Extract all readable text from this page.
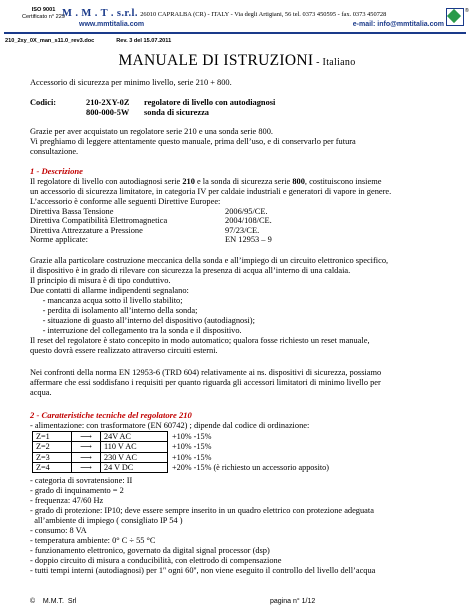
ISO 9001
Certificato n° 229
M . M . T . s.r.l. 26010 CAPRALBA (CR) - ITALY - Via degli Artigiani, 56 tel. 0373 450595 - fax. 0373 450728
www.mmtitalia.com	e-mail: info@mmtitalia.com
®
210_2xy_0X_man_s11.0_rev3.doc	Rev. 3 del 15.07.2011
MANUALE DI ISTRUZIONI - Italiano
Accessorio di sicurezza per minimo livello, serie 210 + 800.
Codici:	210-2XY-0Z regolatore di livello con autodiagnosi
800-000-5W sonda di sicurezza
Grazie per aver acquistato un regolatore serie 210 e una sonda serie 800.
Vi preghiamo di leggere attentamente questo manuale, prima dell’uso, e di conservarlo per futura
consultazione.
1 - Descrizione
Il regolatore di livello con autodiagnosi serie 210 e la sonda di sicurezza serie 800, costituiscono insieme
un accessorio di sicurezza limitatore, in categoria IV per caldaie industriali e generatori di vapore in genere.
L’accessorio è conforme alle seguenti Direttive Europee:
Direttiva Bassa Tensione	2006/95/CE.
Direttiva Compatibilità Elettromagnetica	2004/108/CE.
Direttiva Attrezzature a Pressione	97/23/CE.
Norme applicate:	EN 12953 – 9
Grazie alla particolare costruzione meccanica della sonda e all’impiego di un circuito elettronico specifico,
il dispositivo è in grado di rilevare con sicurezza la presenza di acqua all’interno di una caldaia.
Il principio di misura è di tipo conduttivo.
Due contatti di allarme indipendenti segnalano:
- mancanza acqua sotto il livello stabilito;
- perdita di isolamento all’interno della sonda;
- situazione di guasto all’interno del dispositivo (autodiagnosi);
- interruzione del collegamento tra la sonda e il dispositivo.
Il reset del regolatore è stato concepito in modo automatico; qualora fosse richiesto un reset manuale,
questo dovrà essere realizzato attraverso circuiti esterni.
Nei confronti della norma EN 12953-6 (TRD 604) relativamente ai ns. dispositivi di sicurezza, possiamo
affermare che essi soddisfano i requisiti per quanto riguarda gli accessori limitatori di minimo livello per
acqua.
2 - Caratteristiche tecniche del regolatore 210
- alimentazione: con trasformatore (EN 60742) ; dipende dal codice di ordinazione:
Z=1	⟶	24V AC	+10% -15%
Z=2	⟶	110 V AC	+10% -15%
Z=3	⟶	230 V AC	+10% -15%
Z=4	⟶	24 V DC	+20% -15% (è richiesto un accessorio apposito)
- categoria di sovratensione: II
- grado di inquinamento = 2
- frequenza: 47/60 Hz
- grado di protezione: IP10; deve essere sempre inserito in un quadro elettrico con protezione adeguata
all’ambiente di impiego ( consigliato IP 54 )
- consumo: 8 VA
- temperatura ambiente: 0° C ÷ 55 °C
- funzionamento elettronico, governato da digital signal processor (dsp)
- doppio circuito di misura a conducibilità, con elettrodo di compensazione
- tutti tempi interni (autodiagnosi) per 1'' ogni 60'', non viene eseguito il controllo del livello dell’acqua
©    M.M.T.  Srl	pagina n° 1/12
